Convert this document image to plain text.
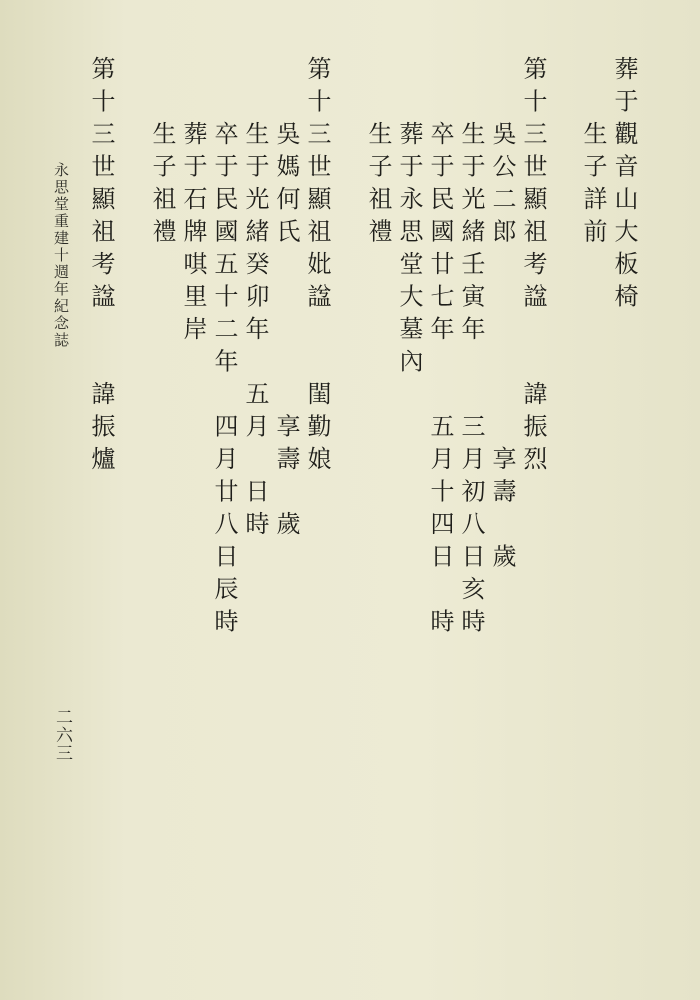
葬于觀音山大板椅
生子詳前
第十三世顯祖考諡　　諱振烈
吳公二郎　　　　　　享壽　歲
生于光緒壬寅年　　三月初八日亥時
卒于民國廿七年　　五月十四日　時
葬于永思堂大墓內
生子祖禮
第十三世顯祖妣諡　　閨勤娘
吳媽何氏　　　　　享壽　歲
生于光緒癸卯年　五月　日時
卒于民國五十二年　四月廿八日辰時
葬于石牌唭里岸
生子祖禮
第十三世顯祖考諡　　諱振爐
永思堂重建十週年紀念誌
二六三
